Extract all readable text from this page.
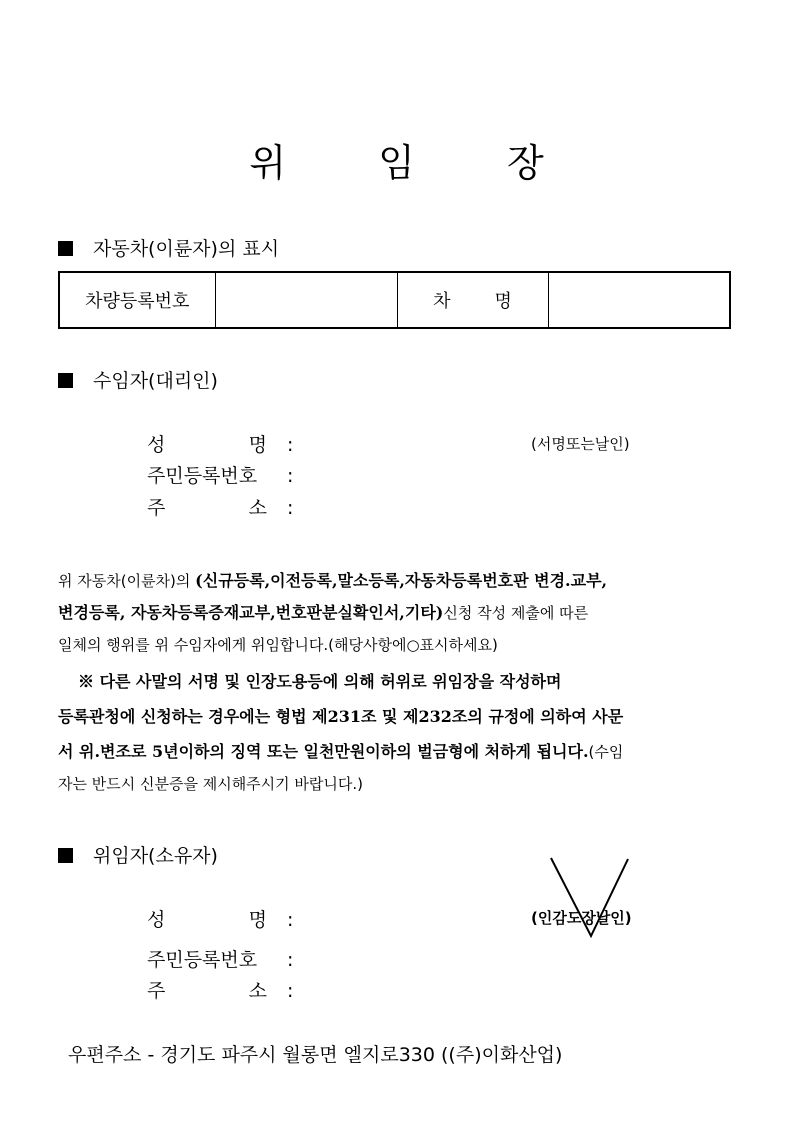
위 임 장
자동차(이륜자)의 표시
차량등록번호		차 명	
수임자(대리인)
성	명 :	(서명또는날인)
주민등록번호 :
주	소 :
위 자동차(이륜차)의 (신규등록,이전등록,말소등록,자동차등록번호판 변경.교부,
변경등록, 자동차등록증재교부,번호판분실확인서,기타)신청 작성 제출에 따른
일체의 행위를 위 수임자에게 위임합니다.(해당사항에○표시하세요)
※ 다른 사말의 서명 및 인장도용등에 의해 허위로 위임장을 작성하며
등록관청에 신청하는 경우에는 형법 제231조 및 제232조의 규정에 의하여 사문
서 위.변조로 5년이하의 징역 또는 일천만원이하의 벌금형에 처하게 됩니다.(수임
자는 반드시 신분증을 제시해주시기 바랍니다.)
위임자(소유자)
성	명 :	(인감도장날인)
주민등록번호 :
주	소 :
우편주소 - 경기도 파주시 월롱면 엘지로330 ((주)이화산업)
